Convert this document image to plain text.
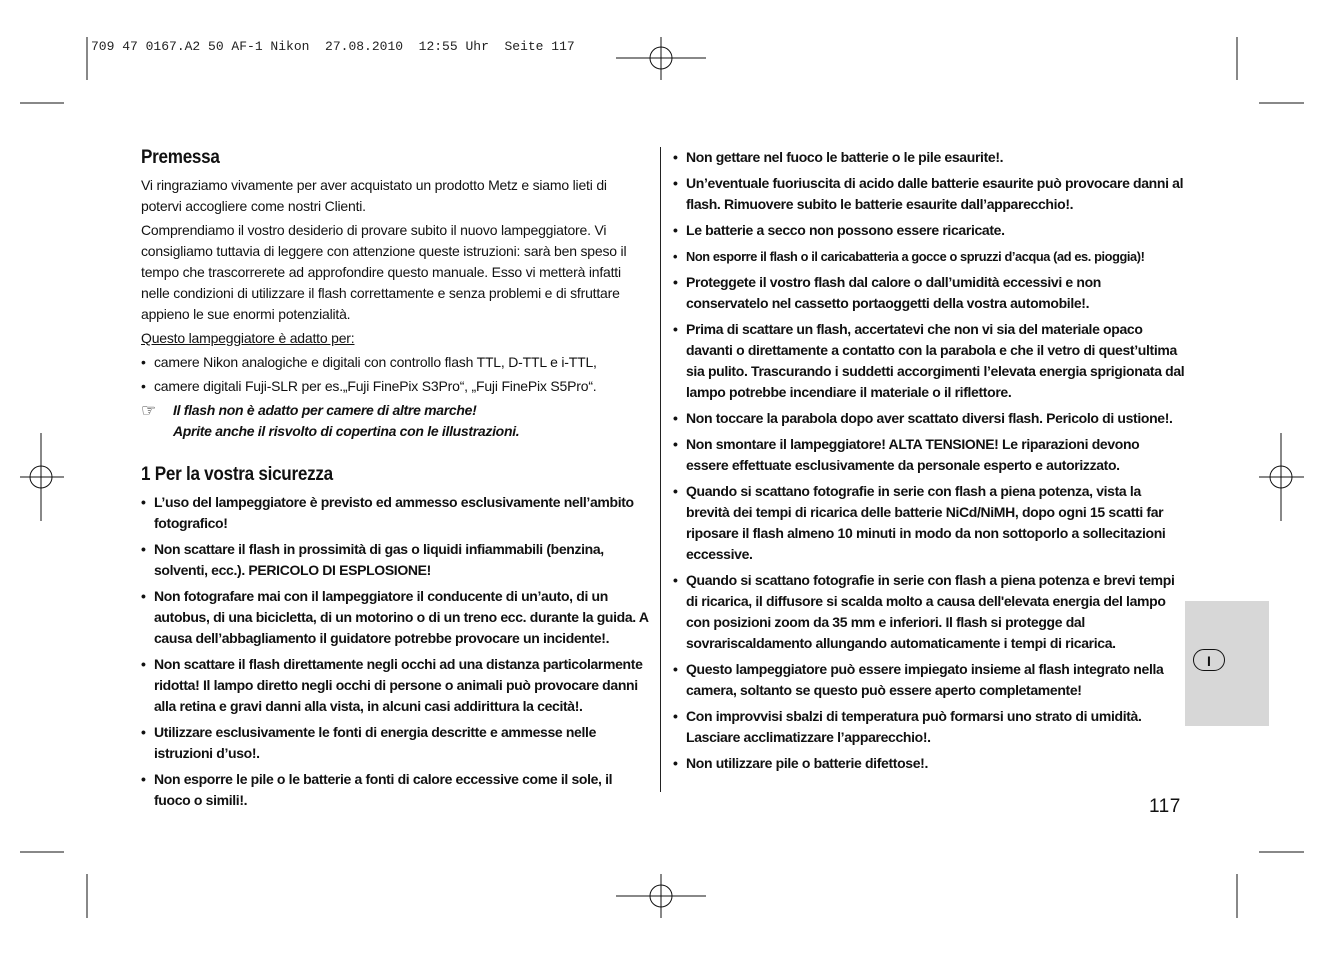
709 47 0167.A2 50 AF-1 Nikon  27.08.2010  12:55 Uhr  Seite 117
Premessa

Vi ringraziamo vivamente per aver acquistato un prodotto Metz e siamo lieti di potervi accogliere come nostri Clienti.

Comprendiamo il vostro desiderio di provare subito il nuovo lampeggiatore. Vi consigliamo tuttavia di leggere con attenzione queste istruzioni: sarà ben speso il tempo che trascorrerete ad approfondire questo manuale. Esso vi metterà infatti nelle condizioni di utilizzare il flash correttamente e senza problemi e di sfruttare appieno le sue enormi potenzialità.

Questo lampeggiatore è adatto per:

• camere Nikon analogiche e digitali con controllo flash TTL, D-TTL e i-TTL,
• camere digitali Fuji-SLR per es.„Fuji FinePix S3Pro“, „Fuji FinePix S5Pro“.
☞ Il flash non è adatto per camere di altre marche!
Aprite anche il risvolto di copertina con le illustrazioni.
1 Per la vostra sicurezza
• L’uso del lampeggiatore è previsto ed ammesso esclusivamente nell’ambito fotografico!
• Non scattare il flash in prossimità di gas o liquidi infiammabili (benzina, solventi, ecc.). PERICOLO DI ESPLOSIONE!
• Non fotografare mai con il lampeggiatore il conducente di un’auto, di un autobus, di una bicicletta, di un motorino o di un treno ecc. durante la guida. A causa dell’abbagliamento il guidatore potrebbe provocare un incidente!.
• Non scattare il flash direttamente negli occhi ad una distanza particolarmente ridotta! Il lampo diretto negli occhi di persone o animali può provocare danni alla retina e gravi danni alla vista, in alcuni casi addirittura la cecità!.
• Utilizzare esclusivamente le fonti di energia descritte e ammesse nelle istruzioni d’uso!.
• Non esporre le pile o le batterie a fonti di calore eccessive come il sole, il fuoco o simili!.
• Non gettare nel fuoco le batterie o le pile esaurite!.
• Un’eventuale fuoriuscita di acido dalle batterie esaurite può provocare danni al flash. Rimuovere subito le batterie esaurite dall’apparecchio!.
• Le batterie a secco non possono essere ricaricate.
• Non esporre il flash o il caricabatteria a gocce o spruzzi d’acqua (ad es. pioggia)!
• Proteggete il vostro flash dal calore o dall’umidità eccessivi e non conservatelo nel cassetto portaoggetti della vostra automobile!.
• Prima di scattare un flash, accertatevi che non vi sia del materiale opaco davanti o direttamente a contatto con la parabola e che il vetro di quest’ultima sia pulito. Trascurando i suddetti accorgimenti l’elevata energia sprigionata dal lampo potrebbe incendiare il materiale o il riflettore.
• Non toccare la parabola dopo aver scattato diversi flash. Pericolo di ustione!.
• Non smontare il lampeggiatore! ALTA TENSIONE! Le riparazioni devono essere effettuate esclusivamente da personale esperto e autorizzato.
• Quando si scattano fotografie in serie con flash a piena potenza, vista la brevità dei tempi di ricarica delle batterie NiCd/NiMH, dopo ogni 15 scatti far riposare il flash almeno 10 minuti in modo da non sottoporlo a sollecitazioni eccessive.
• Quando si scattano fotografie in serie con flash a piena potenza e brevi tempi di ricarica, il diffusore si scalda molto a causa dell'elevata energia del lampo con posizioni zoom da 35 mm e inferiori. Il flash si protegge dal sovrariscaldamento allungando automaticamente i tempi di ricarica.
• Questo lampeggiatore può essere impiegato insieme al flash integrato nella camera, soltanto se questo può essere aperto completamente!
• Con improvvisi sbalzi di temperatura può formarsi uno strato di umidità. Lasciare acclimatizzare l’apparecchio!.
• Non utilizzare pile o batterie difettose!.
I
117
